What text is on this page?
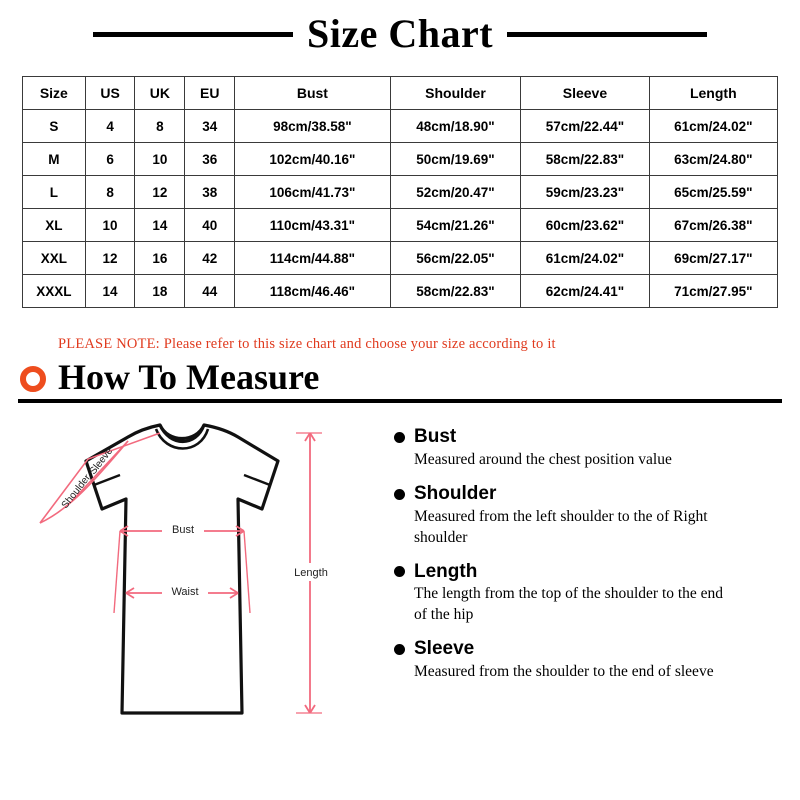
Size Chart
Size	US	UK	EU	Bust	Shoulder	Sleeve	Length
S	4	8	34	98cm/38.58"	48cm/18.90"	57cm/22.44"	61cm/24.02"
M	6	10	36	102cm/40.16"	50cm/19.69"	58cm/22.83"	63cm/24.80"
L	8	12	38	106cm/41.73"	52cm/20.47"	59cm/23.23"	65cm/25.59"
XL	10	14	40	110cm/43.31"	54cm/21.26"	60cm/23.62"	67cm/26.38"
XXL	12	16	42	114cm/44.88"	56cm/22.05"	61cm/24.02"	69cm/27.17"
XXXL	14	18	44	118cm/46.46"	58cm/22.83"	62cm/24.41"	71cm/27.95"
PLEASE NOTE: Please refer to this size chart and choose your size according to it
How To Measure
Shoulder
Sleeve
Bust
Waist
Length
Bust
Measured around the chest position value
Shoulder
Measured from the left shoulder to the of Right shoulder
Length
The length from the top of the shoulder to the end of the hip
Sleeve
Measured from the shoulder to the end of sleeve
